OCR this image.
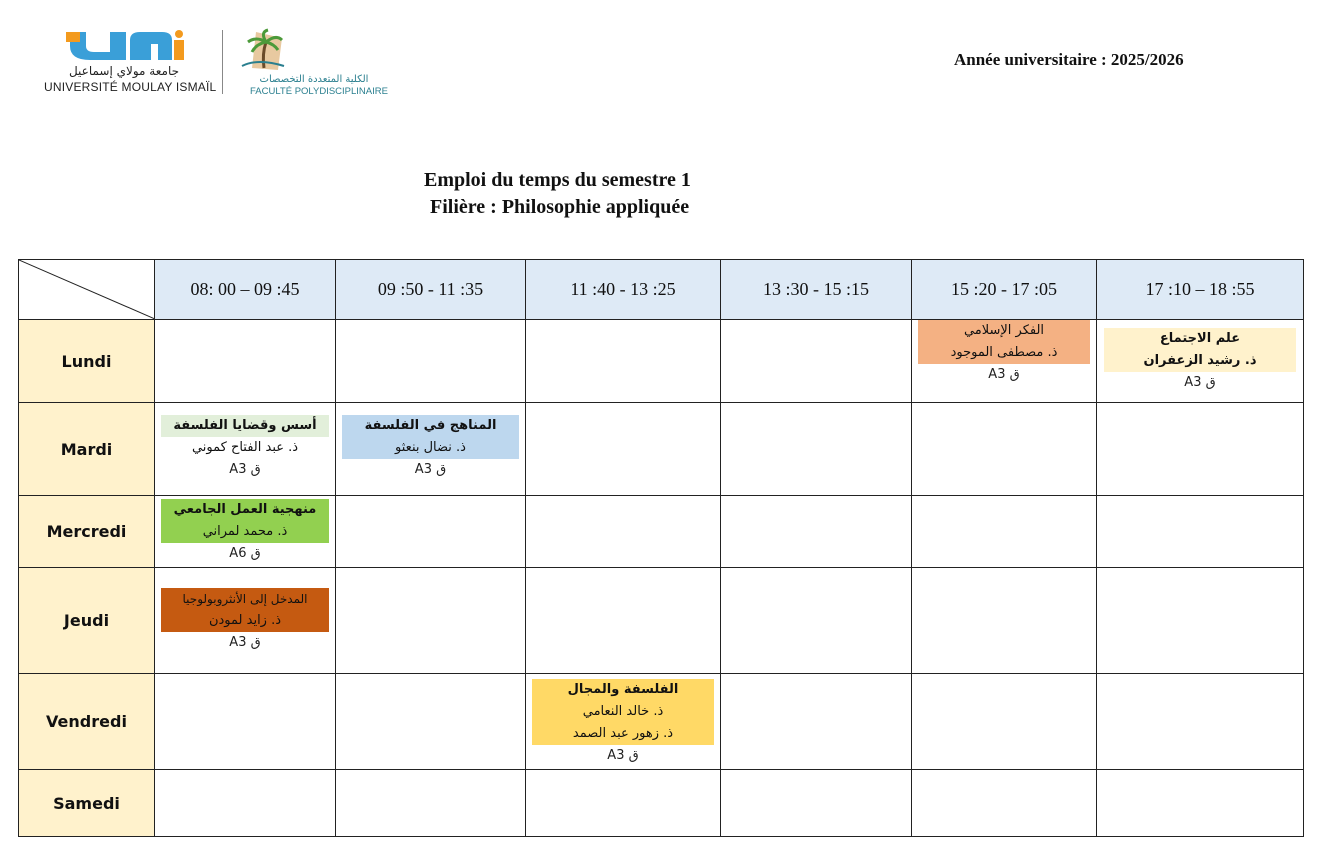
جامعة مولاي إسماعيل
UNIVERSITÉ MOULAY ISMAÏL
الكلية المتعددة التخصصات
FACULTÉ POLYDISCIPLINAIRE
Année universitaire : 2025/2026
Emploi du temps du semestre 1
Filière : Philosophie appliquée
	08: 00 – 09 :45	09 :50 - 11 :35	11 :40 - 13 :25	13 :30 - 15 :15	15 :20 - 17 :05	17 :10 – 18 :55
Lundi					الفكر الإسلامي
ذ. مصطفى الموجود
ق A3	علم الاجتماع
ذ. رشيد الزعفران
ق A3

Mardi	أسس وقضايا الفلسفة
ذ. عبد الفتاح كموني
ق A3	المناهج في الفلسفة
ذ. نضال بنعثو
ق A3				

Mercredi	منهجية العمل الجامعي
ذ. محمد لمراني
ق A6					

Jeudi	المدخل إلى الأنثروبولوجيا
ذ. زايد لمودن
ق A3					

Vendredi			الفلسفة والمجال
ذ. خالد النعامي
ذ. زهور عبد الصمد
ق A3			

Samedi						
